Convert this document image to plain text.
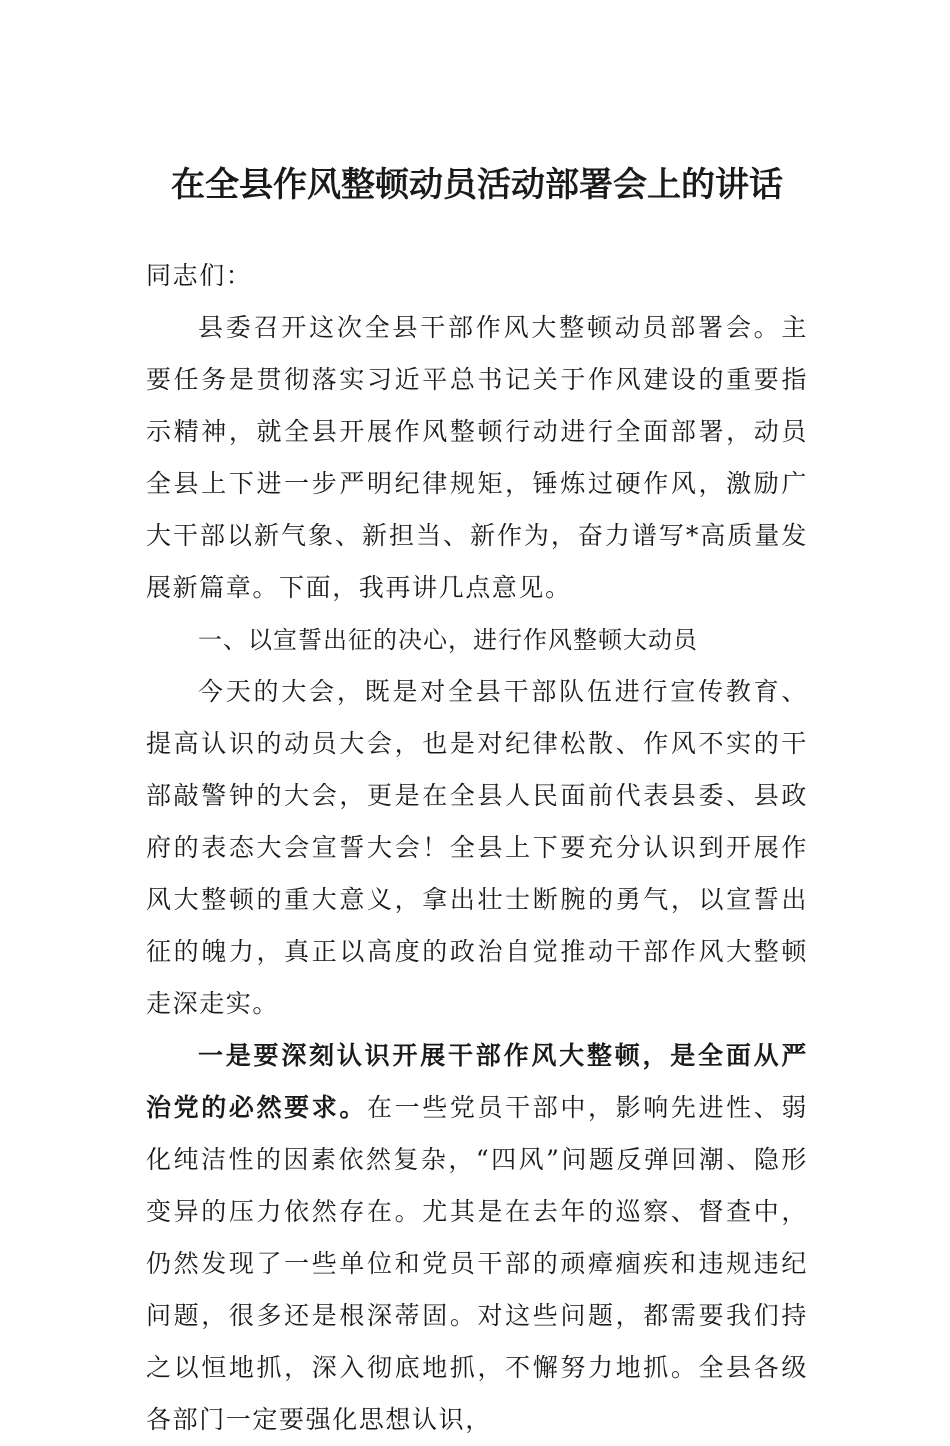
在全县作风整顿动员活动部署会上的讲话

同志们：

县委召开这次全县干部作风大整顿动员部署会。主要任务是贯彻落实习近平总书记关于作风建设的重要指示精神，就全县开展作风整顿行动进行全面部署，动员全县上下进一步严明纪律规矩，锤炼过硬作风，激励广大干部以新气象、新担当、新作为，奋力谱写*高质量发展新篇章。下面，我再讲几点意见。

一、以宣誓出征的决心，进行作风整顿大动员

今天的大会，既是对全县干部队伍进行宣传教育、提高认识的动员大会，也是对纪律松散、作风不实的干部敲警钟的大会，更是在全县人民面前代表县委、县政府的表态大会宣誓大会！全县上下要充分认识到开展作风大整顿的重大意义，拿出壮士断腕的勇气，以宣誓出征的魄力，真正以高度的政治自觉推动干部作风大整顿走深走实。

一是要深刻认识开展干部作风大整顿，是全面从严治党的必然要求。在一些党员干部中，影响先进性、弱化纯洁性的因素依然复杂，“四风”问题反弹回潮、隐形变异的压力依然存在。尤其是在去年的巡察、督查中，仍然发现了一些单位和党员干部的顽瘴痼疾和违规违纪问题，很多还是根深蒂固。对这些问题，都需要我们持之以恒地抓，深入彻底地抓，不懈努力地抓。全县各级各部门一定要强化思想认识，
